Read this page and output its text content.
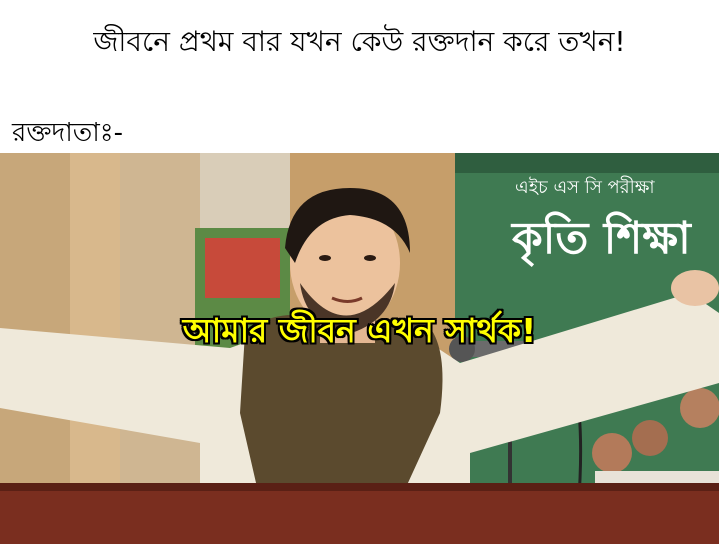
জীবনে প্রথম বার যখন কেউ রক্তদান করে তখন!
রক্তদাতাঃ-
এইচ এস সি পরীক্ষা
কৃতি শিক্ষা
আমার জীবন এখন সার্থক!
